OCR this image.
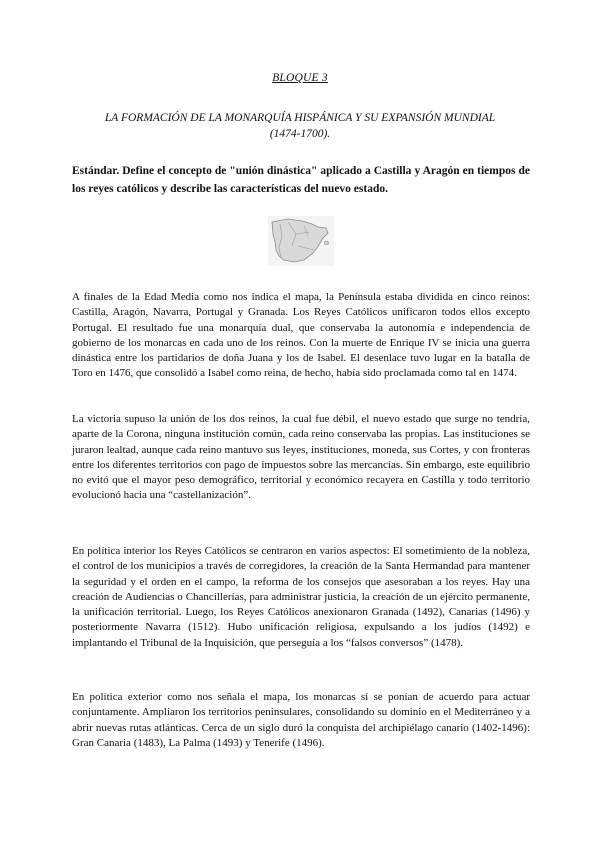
BLOQUE 3
LA FORMACIÓN DE LA MONARQUÍA HISPÁNICA Y SU EXPANSIÓN MUNDIAL
(1474-1700).
Estándar. Define el concepto de "unión dinástica" aplicado a Castilla y Aragón en tiempos de los reyes católicos y describe las características del nuevo estado.

A finales de la Edad Media como nos indica el mapa, la Península estaba dividida en cinco reinos: Castilla, Aragón, Navarra, Portugal y Granada. Los Reyes Católicos unificaron todos ellos excepto Portugal. El resultado fue una monarquía dual, que conservaba la autonomía e independencia de gobierno de los monarcas en cada uno de los reinos. Con la muerte de Enrique IV se inicia una guerra dinástica entre los partidarios de doña Juana y los de Isabel. El desenlace tuvo lugar en la batalla de Toro en 1476, que consolidó a Isabel como reina, de hecho, había sido proclamada como tal en 1474.

La victoria supuso la unión de los dos reinos, la cual fue débil, el nuevo estado que surge no tendría, aparte de la Corona, ninguna institución común, cada reino conservaba las propias. Las instituciones se juraron lealtad, aunque cada reino mantuvo sus leyes, instituciones, moneda, sus Cortes, y con fronteras entre los diferentes territorios con pago de impuestos sobre las mercancías. Sin embargo, este equilibrio no evitó que el mayor peso demográfico, territorial y económico recayera en Castilla y todo territorio evolucionó hacia una “castellanización”.

En política interior los Reyes Católicos se centraron en varios aspectos: El sometimiento de la nobleza, el control de los municipios a través de corregidores, la creación de la Santa Hermandad para mantener la seguridad y el orden en el campo, la reforma de los consejos que asesoraban a los reyes. Hay una creación de Audiencias o Chancillerías, para administrar justicia, la creación de un ejército permanente, la unificación territorial. Luego, los Reyes Católicos anexionaron Granada (1492), Canarias (1496) y posteriormente Navarra (1512). Hubo unificación religiosa, expulsando a los judíos (1492) e implantando el Tribunal de la Inquisición, que perseguía a los “falsos conversos” (1478).

En política exterior como nos señala el mapa, los monarcas sí se ponían de acuerdo para actuar conjuntamente. Ampliaron los territorios peninsulares, consolidando su dominio en el Mediterráneo y a abrir nuevas rutas atlánticas. Cerca de un siglo duró la conquista del archipiélago canario (1402-1496): Gran Canaria (1483), La Palma (1493) y Tenerife (1496).
